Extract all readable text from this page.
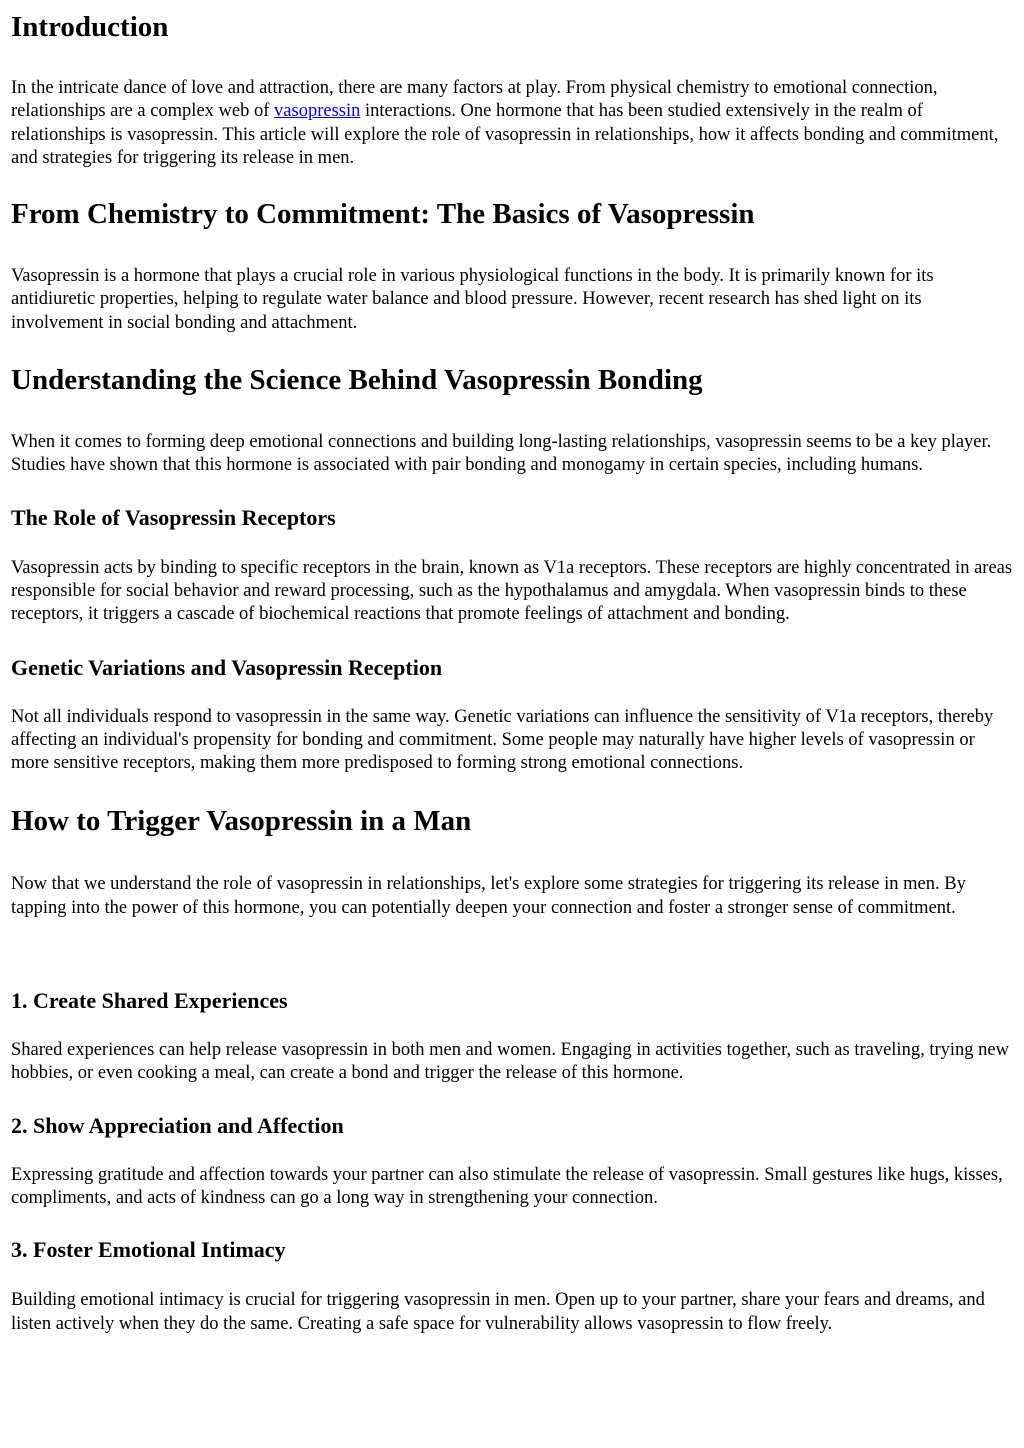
Introduction

In the intricate dance of love and attraction, there are many factors at play. From physical chemistry to emotional connection, relationships are a complex web of vasopressin interactions. One hormone that has been studied extensively in the realm of relationships is vasopressin. This article will explore the role of vasopressin in relationships, how it affects bonding and commitment, and strategies for triggering its release in men.

From Chemistry to Commitment: The Basics of Vasopressin

Vasopressin is a hormone that plays a crucial role in various physiological functions in the body. It is primarily known for its antidiuretic properties, helping to regulate water balance and blood pressure. However, recent research has shed light on its involvement in social bonding and attachment.

Understanding the Science Behind Vasopressin Bonding

When it comes to forming deep emotional connections and building long-lasting relationships, vasopressin seems to be a key player. Studies have shown that this hormone is associated with pair bonding and monogamy in certain species, including humans.

The Role of Vasopressin Receptors

Vasopressin acts by binding to specific receptors in the brain, known as V1a receptors. These receptors are highly concentrated in areas responsible for social behavior and reward processing, such as the hypothalamus and amygdala. When vasopressin binds to these receptors, it triggers a cascade of biochemical reactions that promote feelings of attachment and bonding.

Genetic Variations and Vasopressin Reception

Not all individuals respond to vasopressin in the same way. Genetic variations can influence the sensitivity of V1a receptors, thereby affecting an individual's propensity for bonding and commitment. Some people may naturally have higher levels of vasopressin or more sensitive receptors, making them more predisposed to forming strong emotional connections.

How to Trigger Vasopressin in a Man

Now that we understand the role of vasopressin in relationships, let's explore some strategies for triggering its release in men. By tapping into the power of this hormone, you can potentially deepen your connection and foster a stronger sense of commitment.

1. Create Shared Experiences

Shared experiences can help release vasopressin in both men and women. Engaging in activities together, such as traveling, trying new hobbies, or even cooking a meal, can create a bond and trigger the release of this hormone.

2. Show Appreciation and Affection

Expressing gratitude and affection towards your partner can also stimulate the release of vasopressin. Small gestures like hugs, kisses, compliments, and acts of kindness can go a long way in strengthening your connection.

3. Foster Emotional Intimacy

Building emotional intimacy is crucial for triggering vasopressin in men. Open up to your partner, share your fears and dreams, and listen actively when they do the same. Creating a safe space for vulnerability allows vasopressin to flow freely.
